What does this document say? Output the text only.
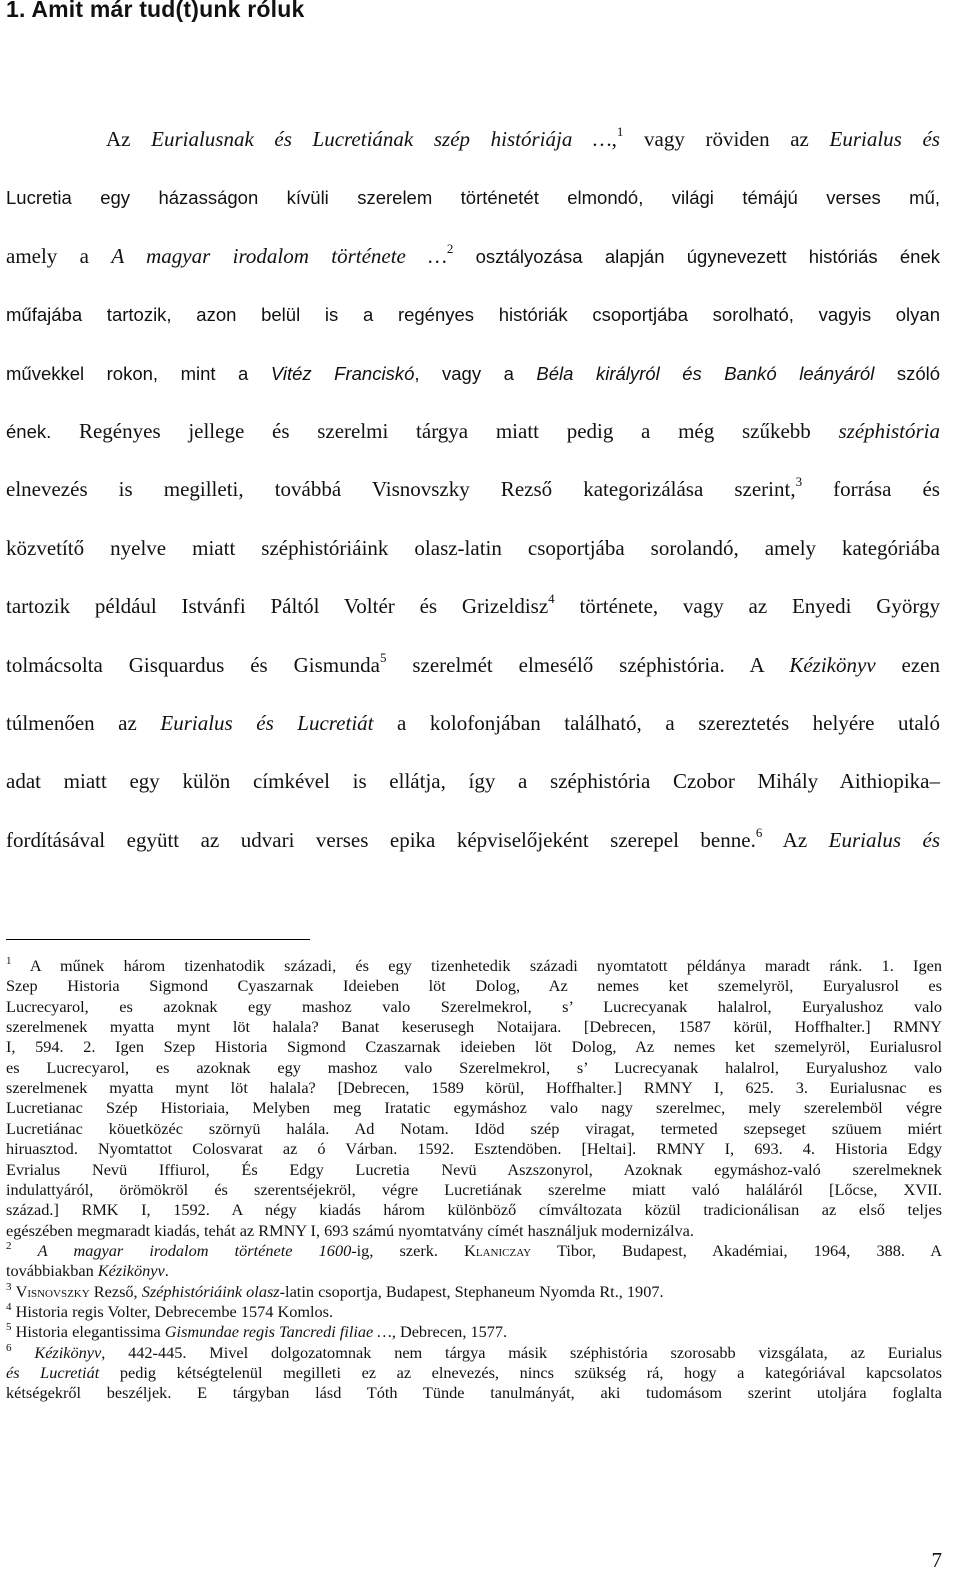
1. Amit már tud(t)unk róluk
Az Eurialusnak és Lucretiának szép históriája …,$^1$ vagy röviden az Eurialus és
Lucretia egy házasságon kívüli szerelem történetét elmondó, világi témájú verses mű,
amely a A magyar irodalom története …$^2$ osztályozása alapján úgynevezett históriás ének
műfajába tartozik, azon belül is a regényes históriák csoportjába sorolható, vagyis olyan
művekkel rokon, mint a Vitéz Franciskó, vagy a Béla királyról és Bankó leányáról szóló
ének. Regényes jellege és szerelmi tárgya miatt pedig a még szűkebb széphistória
elnevezés is megilleti, továbbá Visnovszky Rezső kategorizálása szerint,$^3$ forrása és
közvetítő nyelve miatt széphistóriáink olasz-latin csoportjába sorolandó, amely kategóriába
tartozik például Istvánfi Páltól Voltér és Grizeldisz$^4$ története, vagy az Enyedi György
tolmácsolta Gisquardus és Gismunda$^5$ szerelmét elmesélő széphistória. A Kézikönyv ezen
túlmenően az Eurialus és Lucretiát a kolofonjában található, a szereztetés helyére utaló
adat miatt egy külön címkével is ellátja, így a széphistória Czobor Mihály Aithiopika–
fordításával együtt az udvari verses epika képviselőjeként szerepel benne.$^6$ Az Eurialus és
$^1$ A műnek három tizenhatodik századi, és egy tizenhetedik századi nyomtatott példánya maradt ránk. 1. Igen
Szep Historia Sigmond Cyaszarnak Ideieben löt Dolog, Az nemes ket szemelyröl, Euryalusrol es
Lucrecyarol, es azoknak egy mashoz valo Szerelmekrol, s’ Lucrecyanak halalrol, Euryalushoz valo
szerelmenek myatta mynt löt halala? Banat keserusegh Notaijara. [Debrecen, 1587 körül, Hoffhalter.] RMNY
I, 594. 2. Igen Szep Historia Sigmond Czaszarnak ideieben löt Dolog, Az nemes ket szemelyröl, Eurialusrol
es Lucrecyarol, es azoknak egy mashoz valo Szerelmekrol, s’ Lucrecyanak halalrol, Euryalushoz valo
szerelmenek myatta mynt löt halala? [Debrecen, 1589 körül, Hoffhalter.] RMNY I, 625. 3. Eurialusnac es
Lucretianac Szép Historiaia, Melyben meg Iratatic egymáshoz valo nagy szerelmec, mely szerelemböl végre
Lucretiánac köuetközéc szörnyü halála. Ad Notam. Idöd szép viragat, termeted szepseget szüuem miért
hiruasztod. Nyomtattot Colosvarat az ó Várban. 1592. Esztendöben. [Heltai]. RMNY I, 693. 4. Historia Edgy
Evrialus Nevü Iffiurol, És Edgy Lucretia Nevü Aszszonyrol, Azoknak egymáshoz-való szerelmeknek
indulattyáról, örömökröl és szerentséjekröl, végre Lucretiának szerelme miatt való haláláról [Lőcse, XVII.
század.] RMK I, 1592. A négy kiadás három különböző címváltozata közül tradicionálisan az első teljes
egészében megmaradt kiadás, tehát az RMNY I, 693 számú nyomtatvány címét használjuk modernizálva.
$^2$ A magyar irodalom története 1600-ig, szerk. Klaniczay Tibor, Budapest, Akadémiai, 1964, 388. A
továbbiakban Kézikönyv.
$^3$ Visnovszky Rezső, Széphistóriáink olasz-latin csoportja, Budapest, Stephaneum Nyomda Rt., 1907.
$^4$ Historia regis Volter, Debrecembe 1574 Komlos.
$^5$ Historia elegantissima Gismundae regis Tancredi filiae …, Debrecen, 1577.
$^6$ Kézikönyv, 442-445. Mivel dolgozatomnak nem tárgya másik széphistória szorosabb vizsgálata, az Eurialus
és Lucretiát pedig kétségtelenül megilleti ez az elnevezés, nincs szükség rá, hogy a kategóriával kapcsolatos
kétségekről beszéljek. E tárgyban lásd Tóth Tünde tanulmányát, aki tudomásom szerint utoljára foglalta
7
